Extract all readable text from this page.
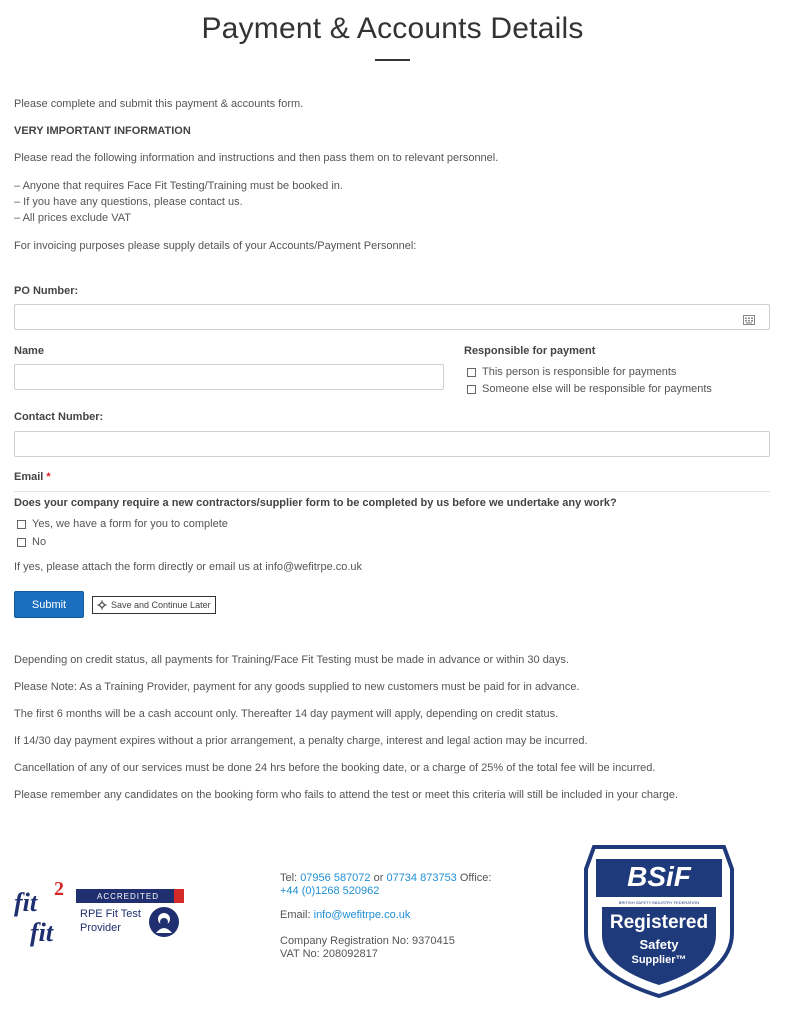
Payment & Accounts Details
Please complete and submit this payment & accounts form.
VERY IMPORTANT INFORMATION
Please read the following information and instructions and then pass them on to relevant personnel.
– Anyone that requires Face Fit Testing/Training must be booked in.
– If you have any questions, please contact us.
– All prices exclude VAT
For invoicing purposes please supply details of your Accounts/Payment Personnel:
PO Number:
Name	Responsible for payment
This person is responsible for payments
Someone else will be responsible for payments
Contact Number:
Email *
Does your company require a new contractors/supplier form to be completed by us before we undertake any work?
Yes, we have a form for you to complete
No
If yes, please attach the form directly or email us at info@wefitrpe.co.uk
Submit	Save and Continue Later
Depending on credit status, all payments for Training/Face Fit Testing must be made in advance or within 30 days.
Please Note: As a Training Provider, payment for any goods supplied to new customers must be paid for in advance.
The first 6 months will be a cash account only. Thereafter 14 day payment will apply, depending on credit status.
If 14/30 day payment expires without a prior arrangement, a penalty charge, interest and legal action may be incurred.
Cancellation of any of our services must be done 24 hrs before the booking date, or a charge of 25% of the total fee will be incurred.
Please remember any candidates on the booking form who fails to attend the test or meet this criteria will still be included in your charge.
fit 2
fit
ACCREDITED
RPE Fit Test
Provider
Tel: 07956 587072 or 07734 873753 Office:
+44 (0)1268 520962
Email: info@wefitrpe.co.uk
Company Registration No: 9370415
VAT No: 208092817
BSiF
BRITISH SAFETY INDUSTRY FEDERATION
Registered
Safety
Supplier™
